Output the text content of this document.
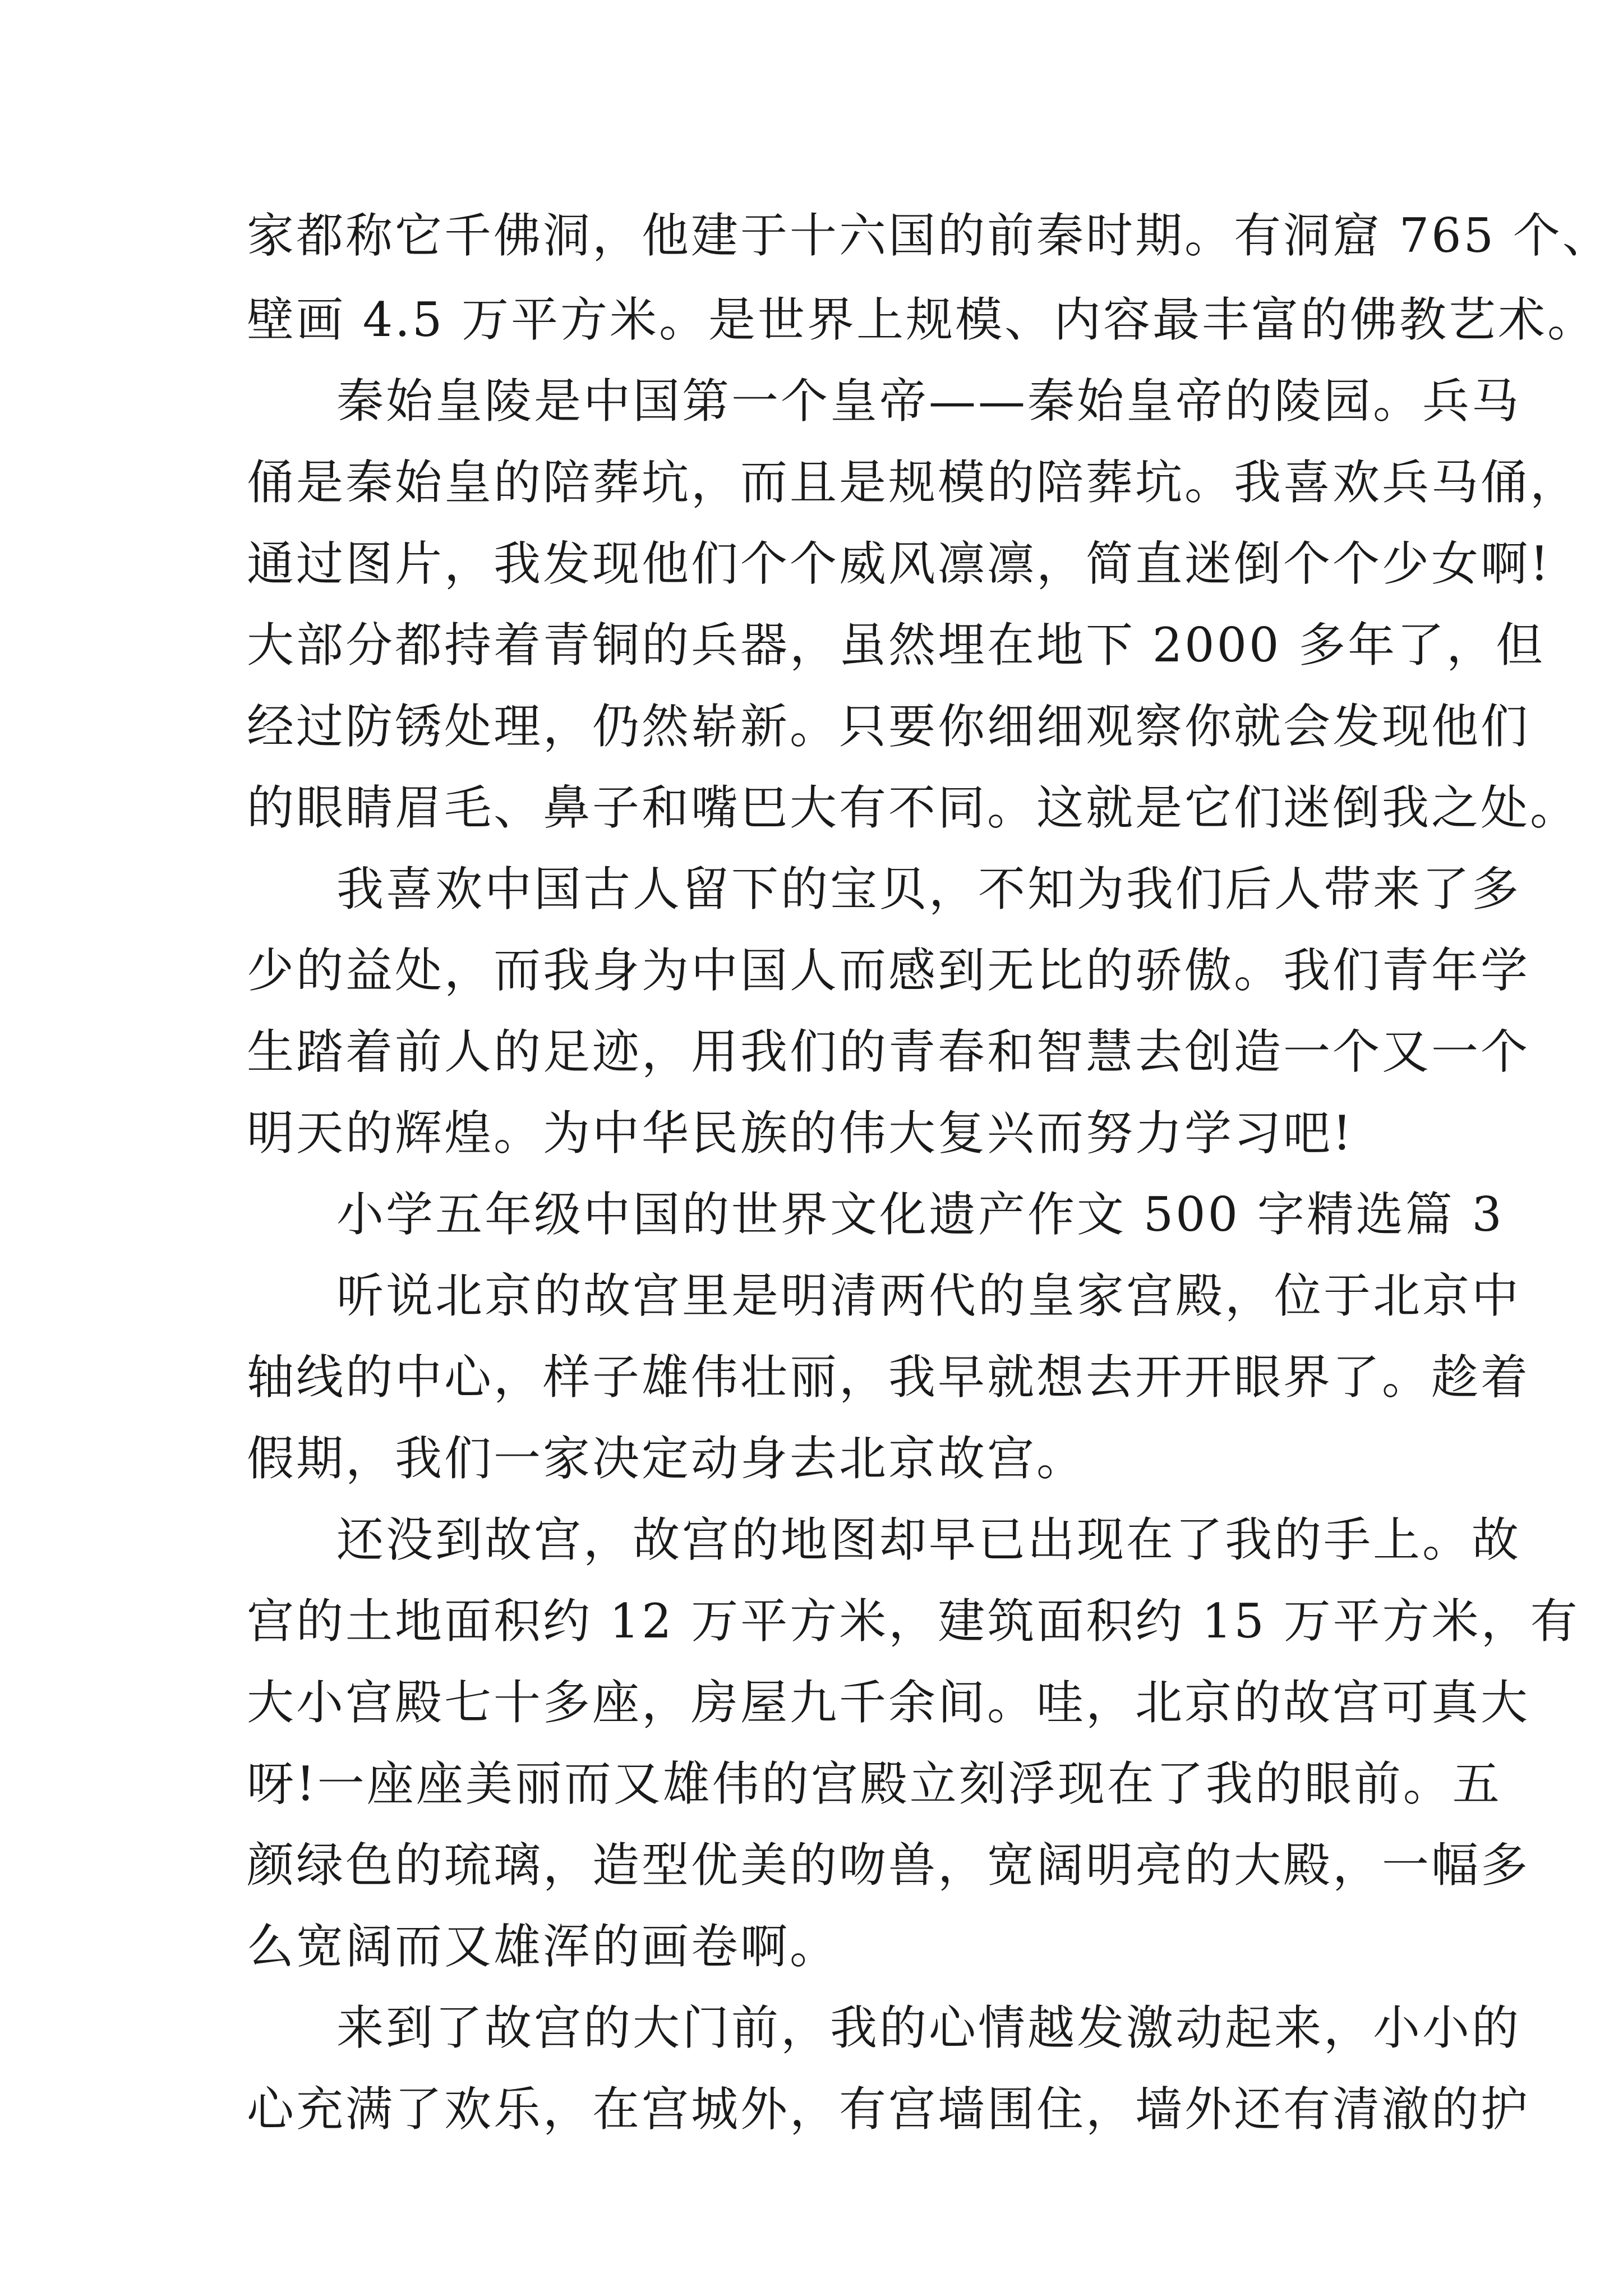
家都称它千佛洞，他建于十六国的前秦时期。有洞窟 765 个、
壁画 4.5 万平方米。是世界上规模、内容最丰富的佛教艺术。
秦始皇陵是中国第一个皇帝——秦始皇帝的陵园。兵马
俑是秦始皇的陪葬坑，而且是规模的陪葬坑。我喜欢兵马俑，
通过图片，我发现他们个个威风凛凛，简直迷倒个个少女啊!
大部分都持着青铜的兵器，虽然埋在地下 2000 多年了，但
经过防锈处理，仍然崭新。只要你细细观察你就会发现他们
的眼睛眉毛、鼻子和嘴巴大有不同。这就是它们迷倒我之处。
我喜欢中国古人留下的宝贝，不知为我们后人带来了多
少的益处，而我身为中国人而感到无比的骄傲。我们青年学
生踏着前人的足迹，用我们的青春和智慧去创造一个又一个
明天的辉煌。为中华民族的伟大复兴而努力学习吧!
小学五年级中国的世界文化遗产作文 500 字精选篇 3
听说北京的故宫里是明清两代的皇家宫殿，位于北京中
轴线的中心，样子雄伟壮丽，我早就想去开开眼界了。趁着
假期，我们一家决定动身去北京故宫。
还没到故宫，故宫的地图却早已出现在了我的手上。故
宫的土地面积约 12 万平方米，建筑面积约 15 万平方米，有
大小宫殿七十多座，房屋九千余间。哇，北京的故宫可真大
呀!一座座美丽而又雄伟的宫殿立刻浮现在了我的眼前。五
颜绿色的琉璃，造型优美的吻兽，宽阔明亮的大殿，一幅多
么宽阔而又雄浑的画卷啊。
来到了故宫的大门前，我的心情越发激动起来，小小的
心充满了欢乐，在宫城外，有宫墙围住，墙外还有清澈的护
